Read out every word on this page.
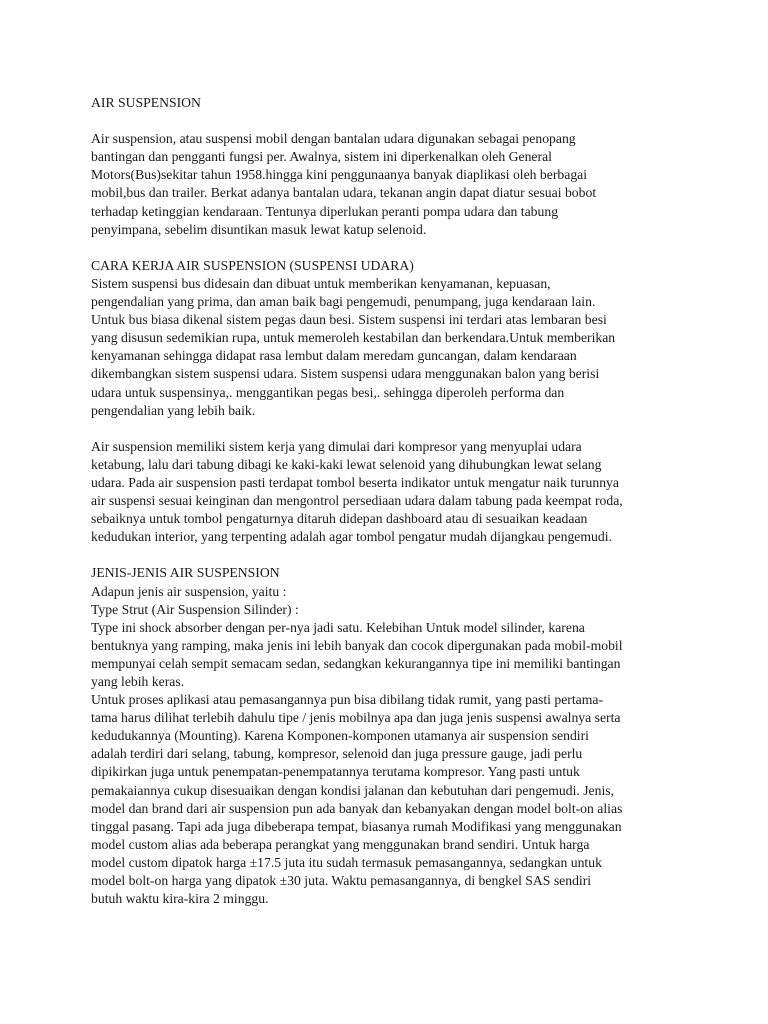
AIR SUSPENSION
Air suspension, atau suspensi mobil dengan bantalan udara digunakan sebagai penopang
bantingan dan pengganti fungsi per. Awalnya, sistem ini diperkenalkan oleh General
Motors(Bus)sekitar tahun 1958.hingga kini penggunaanya banyak diaplikasi oleh berbagai
mobil,bus dan trailer. Berkat adanya bantalan udara, tekanan angin dapat diatur sesuai bobot
terhadap ketinggian kendaraan. Tentunya diperlukan peranti pompa udara dan tabung
penyimpana, sebelim disuntikan masuk lewat katup selenoid.
CARA KERJA AIR SUSPENSION (SUSPENSI UDARA)
Sistem suspensi bus didesain dan dibuat untuk memberikan kenyamanan, kepuasan,
pengendalian yang prima, dan aman baik bagi pengemudi, penumpang, juga kendaraan lain.
Untuk bus biasa dikenal sistem pegas daun besi. Sistem suspensi ini terdari atas lembaran besi
yang disusun sedemikian rupa, untuk memeroleh kestabilan dan berkendara.Untuk memberikan
kenyamanan sehingga didapat rasa lembut dalam meredam guncangan, dalam kendaraan
dikembangkan sistem suspensi udara. Sistem suspensi udara menggunakan balon yang berisi
udara untuk suspensinya,. menggantikan pegas besi,. sehingga diperoleh performa dan
pengendalian yang lebih baik.
Air suspension memiliki sistem kerja yang dimulai dari kompresor yang menyuplai udara
ketabung, lalu dari tabung dibagi ke kaki-kaki lewat selenoid yang dihubungkan lewat selang
udara. Pada air suspension pasti terdapat tombol beserta indikator untuk mengatur naik turunnya
air suspensi sesuai keinginan dan mengontrol persediaan udara dalam tabung pada keempat roda,
sebaiknya untuk tombol pengaturnya ditaruh didepan dashboard atau di sesuaikan keadaan
kedudukan interior, yang terpenting adalah agar tombol pengatur mudah dijangkau pengemudi.
JENIS-JENIS AIR SUSPENSION
Adapun jenis air suspension, yaitu :
Type Strut (Air Suspension Silinder) :
Type ini shock absorber dengan per-nya jadi satu. Kelebihan Untuk model silinder, karena
bentuknya yang ramping, maka jenis ini lebih banyak dan cocok dipergunakan pada mobil-mobil
mempunyai celah sempit semacam sedan, sedangkan kekurangannya tipe ini memiliki bantingan
yang lebih keras.
Untuk proses aplikasi atau pemasangannya pun bisa dibilang tidak rumit, yang pasti pertama-
tama harus dilihat terlebih dahulu tipe / jenis mobilnya apa dan juga jenis suspensi awalnya serta
kedudukannya (Mounting). Karena Komponen-komponen utamanya air suspension sendiri
adalah terdiri dari selang, tabung, kompresor, selenoid dan juga pressure gauge, jadi perlu
dipikirkan juga untuk penempatan-penempatannya terutama kompresor. Yang pasti untuk
pemakaiannya cukup disesuaikan dengan kondisi jalanan dan kebutuhan dari pengemudi. Jenis,
model dan brand dari air suspension pun ada banyak dan kebanyakan dengan model bolt-on alias
tinggal pasang. Tapi ada juga dibeberapa tempat, biasanya rumah Modifikasi yang menggunakan
model custom alias ada beberapa perangkat yang menggunakan brand sendiri. Untuk harga
model custom dipatok harga ±17.5 juta itu sudah termasuk pemasangannya, sedangkan untuk
model bolt-on harga yang dipatok ±30 juta. Waktu pemasangannya, di bengkel SAS sendiri
butuh waktu kira-kira 2 minggu.
